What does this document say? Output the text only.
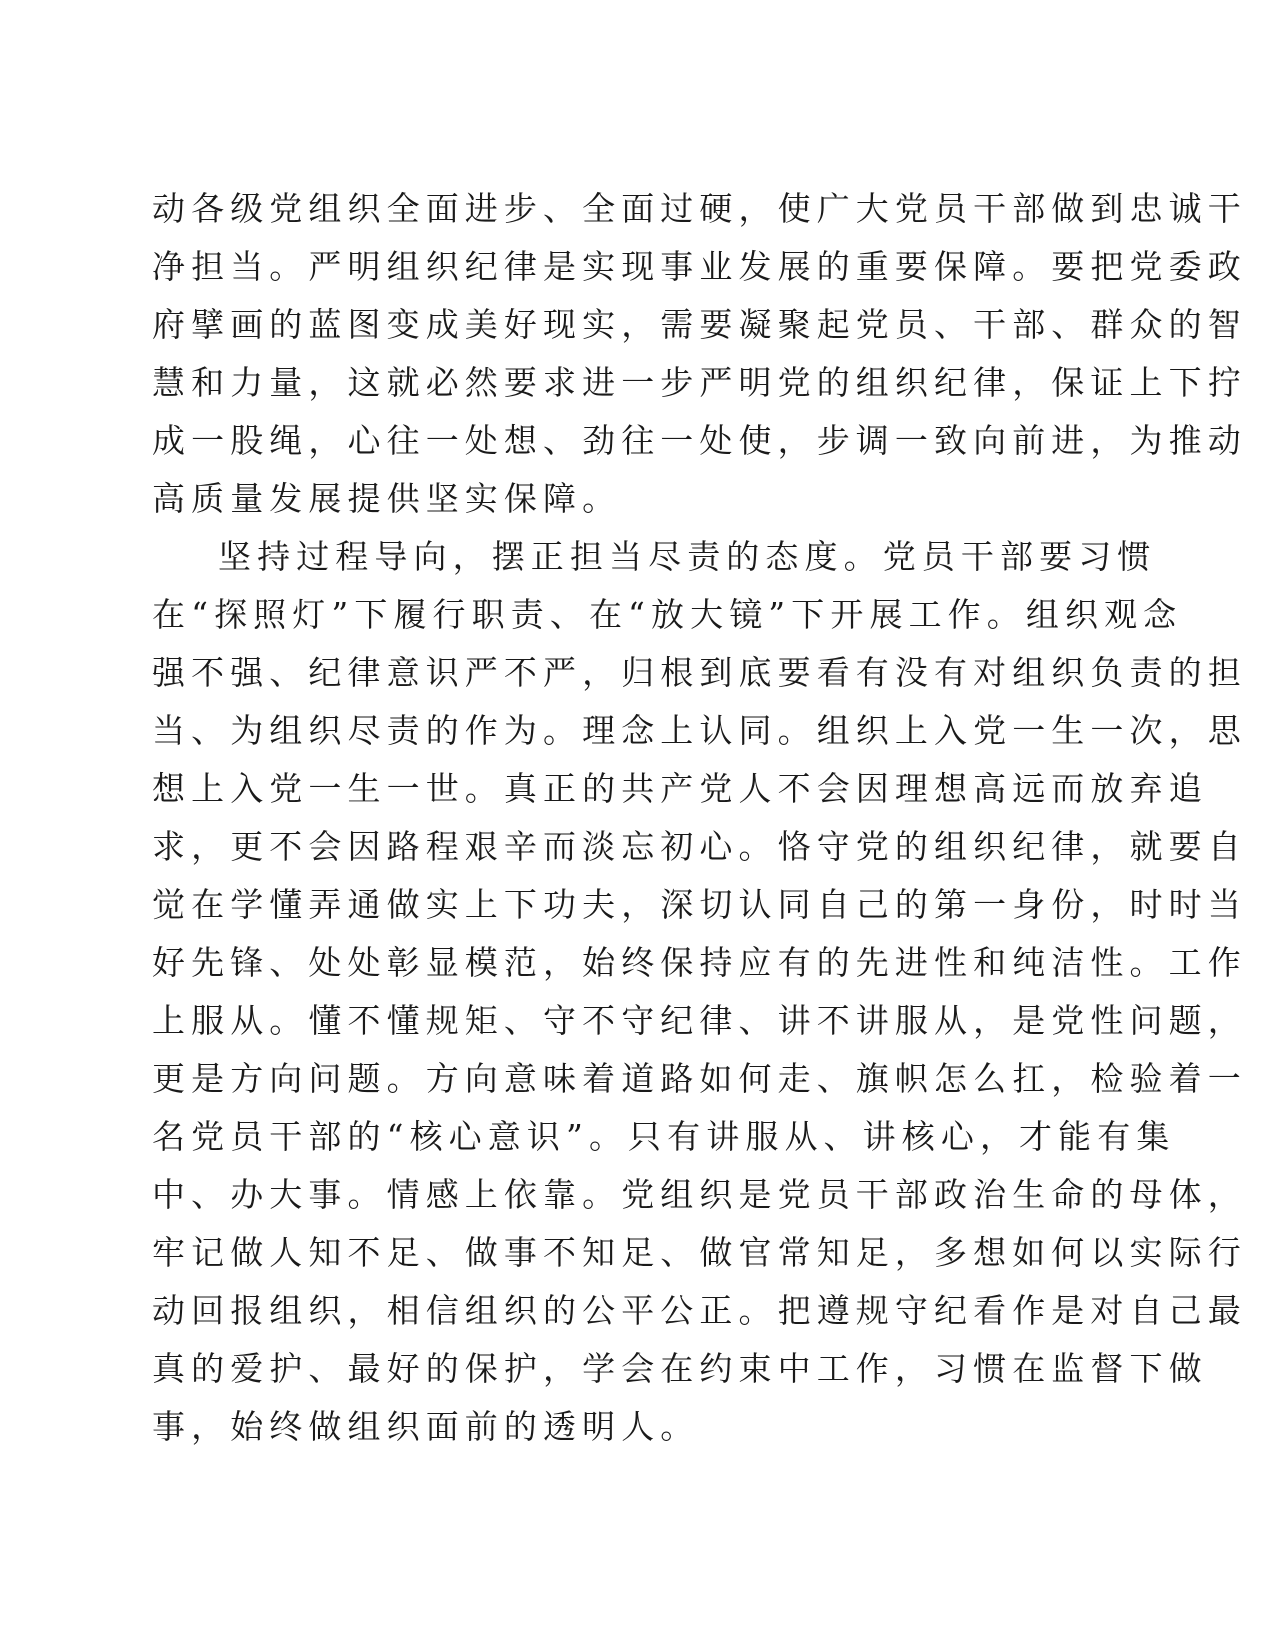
动各级党组织全面进步、全面过硬，使广大党员干部做到忠诚干
净担当。严明组织纪律是实现事业发展的重要保障。要把党委政
府擘画的蓝图变成美好现实，需要凝聚起党员、干部、群众的智
慧和力量，这就必然要求进一步严明党的组织纪律，保证上下拧
成一股绳，心往一处想、劲往一处使，步调一致向前进，为推动
高质量发展提供坚实保障。
坚持过程导向，摆正担当尽责的态度。党员干部要习惯
在“探照灯”下履行职责、在“放大镜”下开展工作。组织观念
强不强、纪律意识严不严，归根到底要看有没有对组织负责的担
当、为组织尽责的作为。理念上认同。组织上入党一生一次，思
想上入党一生一世。真正的共产党人不会因理想高远而放弃追
求，更不会因路程艰辛而淡忘初心。恪守党的组织纪律，就要自
觉在学懂弄通做实上下功夫，深切认同自己的第一身份，时时当
好先锋、处处彰显模范，始终保持应有的先进性和纯洁性。工作
上服从。懂不懂规矩、守不守纪律、讲不讲服从，是党性问题，
更是方向问题。方向意味着道路如何走、旗帜怎么扛，检验着一
名党员干部的“核心意识”。只有讲服从、讲核心，才能有集
中、办大事。情感上依靠。党组织是党员干部政治生命的母体，
牢记做人知不足、做事不知足、做官常知足，多想如何以实际行
动回报组织，相信组织的公平公正。把遵规守纪看作是对自己最
真的爱护、最好的保护，学会在约束中工作，习惯在监督下做
事，始终做组织面前的透明人。
